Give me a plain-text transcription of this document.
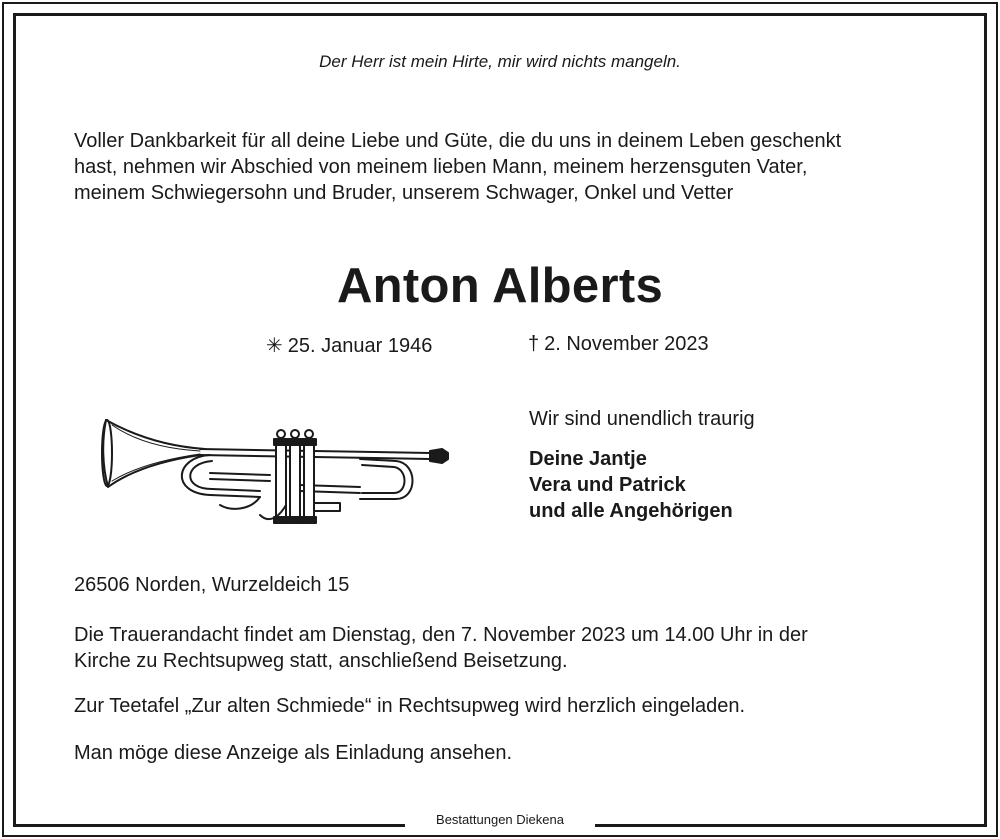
Der Herr ist mein Hirte, mir wird nichts mangeln.
Voller Dankbarkeit für all deine Liebe und Güte, die du uns in deinem Leben geschenkt
hast, nehmen wir Abschied von meinem lieben Mann, meinem herzensguten Vater,
meinem Schwiegersohn und Bruder, unserem Schwager, Onkel und Vetter
Anton Alberts
✳ 25. Januar 1946	† 2. November 2023
Wir sind unendlich traurig
Deine Jantje
Vera und Patrick
und alle Angehörigen
26506 Norden, Wurzeldeich 15
Die Trauerandacht findet am Dienstag, den 7. November 2023 um 14.00 Uhr in der
Kirche zu Rechtsupweg statt, anschließend Beisetzung.
Zur Teetafel „Zur alten Schmiede“ in Rechtsupweg wird herzlich eingeladen.
Man möge diese Anzeige als Einladung ansehen.
Bestattungen Diekena
